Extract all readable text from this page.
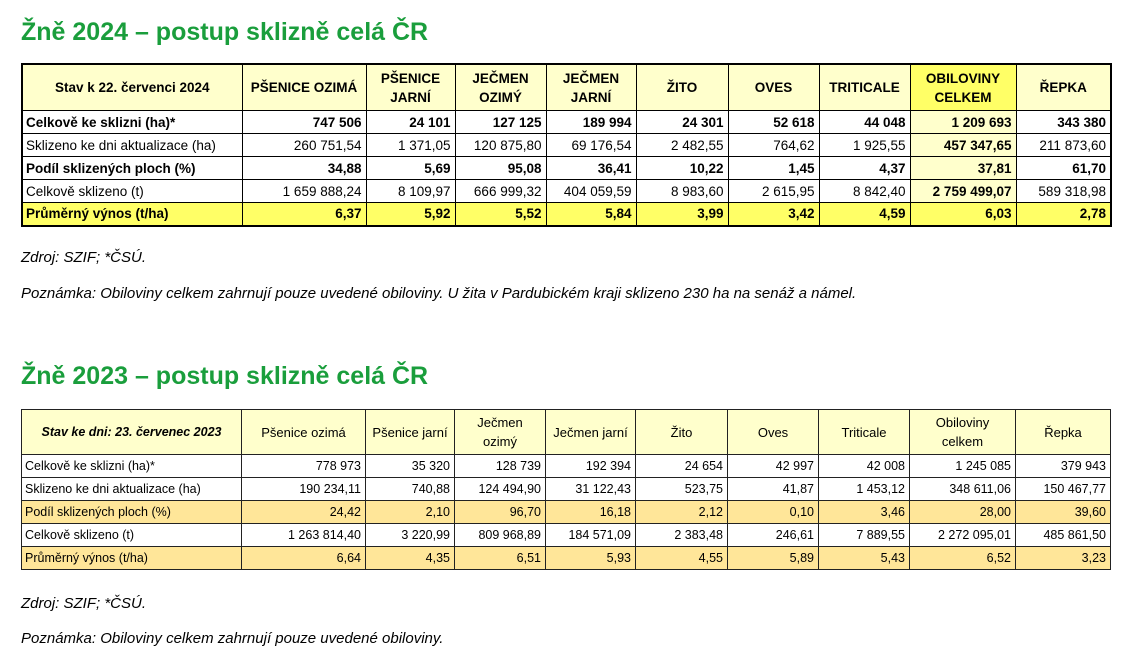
Žně 2024 – postup sklizně celá ČR
Stav k 22. červenci 2024	PŠENICE OZIMÁ	PŠENICE JARNÍ	JEČMEN OZIMÝ	JEČMEN JARNÍ	ŽITO	OVES	TRITICALE	OBILOVINY CELKEM	ŘEPKA
Celkově ke sklizni (ha)*	747 506	24 101	127 125	189 994	24 301	52 618	44 048	1 209 693	343 380
Sklizeno ke dni aktualizace (ha)	260 751,54	1 371,05	120 875,80	69 176,54	2 482,55	764,62	1 925,55	457 347,65	211 873,60
Podíl sklizených ploch (%)	34,88	5,69	95,08	36,41	10,22	1,45	4,37	37,81	61,70
Celkově sklizeno (t)	1 659 888,24	8 109,97	666 999,32	404 059,59	8 983,60	2 615,95	8 842,40	2 759 499,07	589 318,98
Průměrný výnos (t/ha)	6,37	5,92	5,52	5,84	3,99	3,42	4,59	6,03	2,78

Zdroj: SZIF; *ČSÚ.

Poznámka: Obiloviny celkem zahrnují pouze uvedené obiloviny. U žita v Pardubickém kraji sklizeno 230 ha na senáž a námel.

Žně 2023 – postup sklizně celá ČR
Stav ke dni: 23. červenec 2023	Pšenice ozimá	Pšenice jarní	Ječmen ozimý	Ječmen jarní	Žito	Oves	Triticale	Obiloviny celkem	Řepka
Celkově ke sklizni (ha)*	778 973	35 320	128 739	192 394	24 654	42 997	42 008	1 245 085	379 943
Sklizeno ke dni aktualizace (ha)	190 234,11	740,88	124 494,90	31 122,43	523,75	41,87	1 453,12	348 611,06	150 467,77
Podíl sklizených ploch (%)	24,42	2,10	96,70	16,18	2,12	0,10	3,46	28,00	39,60
Celkově sklizeno (t)	1 263 814,40	3 220,99	809 968,89	184 571,09	2 383,48	246,61	7 889,55	2 272 095,01	485 861,50
Průměrný výnos (t/ha)	6,64	4,35	6,51	5,93	4,55	5,89	5,43	6,52	3,23

Zdroj: SZIF; *ČSÚ.

Poznámka: Obiloviny celkem zahrnují pouze uvedené obiloviny.
